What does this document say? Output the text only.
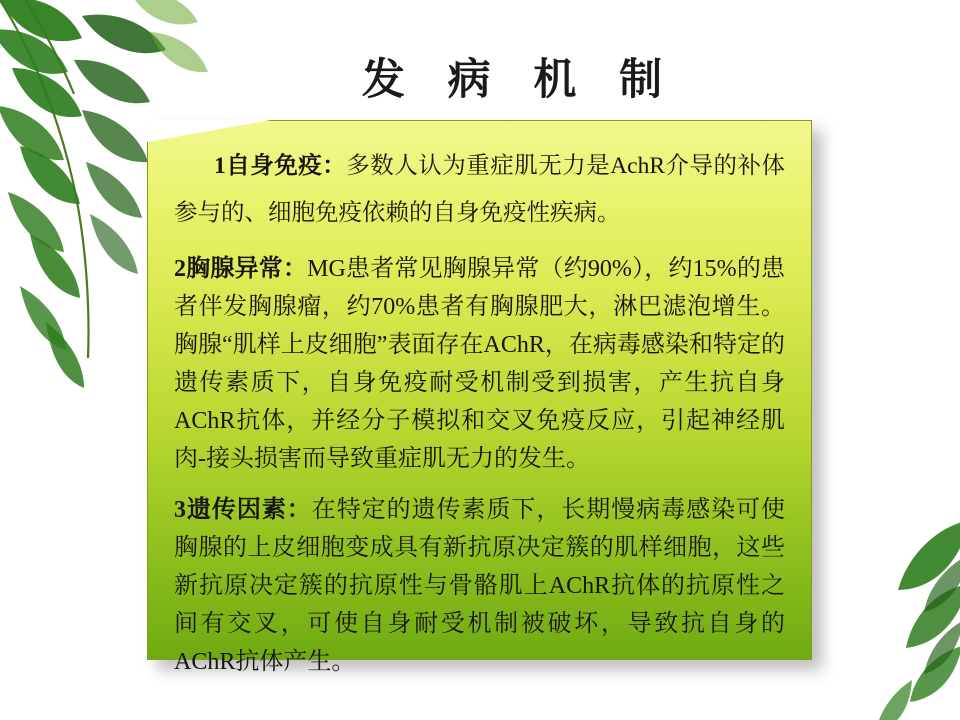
发 病 机 制

1自身免疫：多数人认为重症肌无力是AchR介导的补体参与的、细胞免疫依赖的自身免疫性疾病。

2胸腺异常：MG患者常见胸腺异常（约90%），约15%的患者伴发胸腺瘤，约70%患者有胸腺肥大，淋巴滤泡增生。胸腺“肌样上皮细胞”表面存在AChR，在病毒感染和特定的遗传素质下，自身免疫耐受机制受到损害，产生抗自身AChR抗体，并经分子模拟和交叉免疫反应，引起神经肌肉-接头损害而导致重症肌无力的发生。

3遗传因素：在特定的遗传素质下，长期慢病毒感染可使胸腺的上皮细胞变成具有新抗原决定簇的肌样细胞，这些新抗原决定簇的抗原性与骨骼肌上AChR抗体的抗原性之间有交叉，可使自身耐受机制被破坏，导致抗自身的AChR抗体产生。
